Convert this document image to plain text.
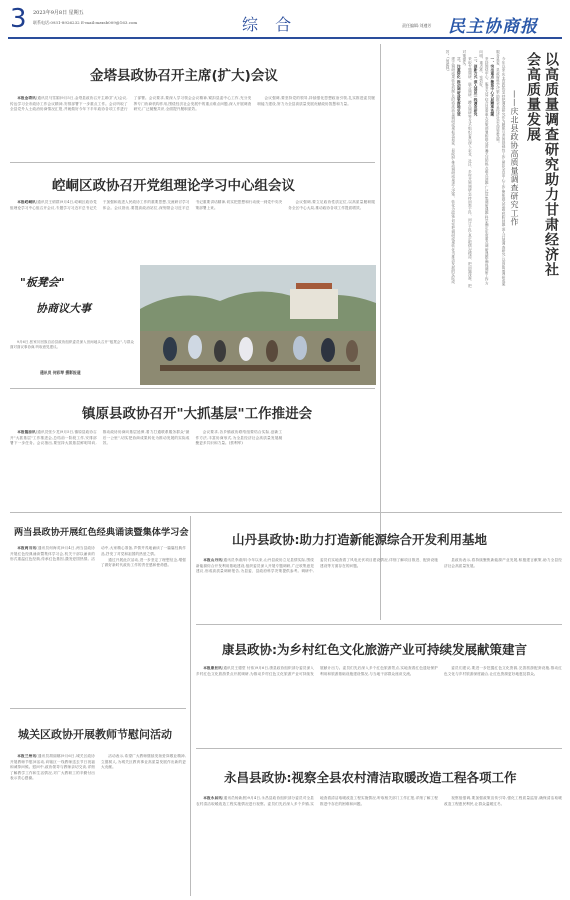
3 2023年9月8日 星期五
联系电话:0931-8926232 E-mail:mzxsb009@163.com	综 合	责任编辑:刘遵芳 民主协商报
金塔县政协召开主席(扩大)会议

本报金塔讯(通讯员马雪娟)9月5日,金塔县政协召开主席(扩大)会议,传达学习全市政协工作会议精神,安排部署下一步重点工作。会议听取了全县党外人士政治协商情况汇报,并就做好今年下半年政协各项工作进行了部署。会议要求,要深入学习领会会议精神,紧扣县委中心工作,充分发挥专门协商机构作用,围绕经济社会发展中的重点难点问题,深入开展调查研究,广泛凝聚共识,全面提升履职质效。

会议强调,要坚持党的领导,持续强化思想政治引领,扎实推进委员履职能力建设,努力为全县高质量发展贡献政协智慧和力量。

崆峒区政协召开党组理论学习中心组会议

本报崆峒讯(通讯员王炳群)9月4日,崆峒区政协党组理论学习中心组召开会议,专题学习习近平总书记关于加强和改进人民政协工作的重要思想,交流研讨学习体会。会议指出,要提高政治站位,深刻领会习近平总书记重要讲话精神,切实把思想和行动统一到党中央决策部署上来。

会议强调,要立足政协性质定位,以高质量履职服务全区中心大局,推动政协各项工作提质增效。

"板凳会"
协商议大事

9月6日,张家川回族自治县政协组织委员深入田间地头召开"板凳会",与群众面对面议事协商,听取意见建议。

通讯员 何彩琴 摄影报道
镇原县政协召开"大抓基层"工作推进会

本报镇原讯(通讯员张少龙)9月5日,镇原县政协召开"大抓基层"工作推进会,总结前一阶段工作,安排部署下一步任务。会议指出,要坚持大抓基层鲜明导向,推动政协协商向基层延伸,着力打通联系服务群众"最后一公里",切实把协商成果转化为推动发展的实际成效。

会议要求,各乡镇政协联络组要结合实际,创新工作方法,丰富协商形式,为全县经济社会高质量发展凝聚更多共识和力量。(蔡利军)

以高质量调查研究助力甘肃经济社会高质量发展
——庆北县政协高质量调查研究工作

今年以来,庆北县政协坚持把调查研究作为履职尽责的基础性工作,紧扣全县中心工作,聚焦群众急难愁盼问题,深入开展调查研究,以高质量调研成果服务县委、县政府科学决策,助推全县经济社会高质量发展。

一、突出重点 聚焦中心大局精准选题

坚持围绕中心、服务大局,结合县委重大决策部署和群众普遍关注的热点难点问题,广泛征集调研课题,科学确定年度重点调研课题,确保调研工作方向明、重点准、实效好。

二、创新方式 深入基层一线调查研究

采取专题调研、联合调研、蹲点调研等方式,组织委员深入企业、社区、乡村开展调研,坚持问需于民、问计于民,真正把情况摸清、把问题找准、把对策提实。

三、注重转化 推动调研成果落地见效

建立调研成果转化机制,及时将高质量调研成果报送县委、县政府,推动调研成果进入决策、转化为政策,切实把调研成果转化为推动发展的实际成效。(何建林)

两当县政协开展红色经典诵读暨集体学习会

本报两当讯(通讯员何海英)9月4日,两当县政协开展红色经典诵读暨集体学习会,机关干部以诵读的形式重温红色经典,传承红色基因,激发爱国热情。活动中,大家精心准备,声情并茂地诵读了一篇篇经典作品,抒发了对党和祖国的热爱之情。

通过开展此次活动,进一步坚定了理想信念,增强了做好新时代政协工作的责任感和使命感。

城关区政协开展教师节慰问活动

本报兰州讯(通讯员胡丽娜)9月6日,城关区政协开展教师节慰问活动,向辖区一线教师送去节日祝福和诚挚问候。慰问中,政协领导与教师亲切交谈,详细了解教学工作和生活情况,对广大教职工的辛勤付出表示衷心感谢。

活动表示,希望广大教师继续发扬爱岗敬业精神,立德树人,为城关区教育事业高质量发展作出新的更大贡献。

山丹县政协:助力打造新能源综合开发利用基地

本报山丹讯(通讯员李淑萍)今年以来,山丹县政协立足县情实际,围绕新能源综合开发利用基地建设,组织委员深入开展专题调研,广泛收集意见建议,形成高质量调研报告,为县委、县政府科学决策提供参考。调研中,委员们实地查看了风电光伏项目建设情况,详细了解项目推进、配套设施建设等方面存在的问题。

县政协表示,将持续聚焦新能源产业发展,积极建言献策,助力全县经济社会高质量发展。

康县政协:为乡村红色文化旅游产业可持续发展献策建言

本报康县讯(通讯员王德堂 付伟)9月6日,康县政协组织部分委员深入乡村红色文化旅游景点开展调研,为推动乡村红色文化旅游产业可持续发展献计出力。委员们先后深入多个红色旅游景点,实地查看红色遗址保护利用和旅游基础设施建设情况,与当地干部群众座谈交流。

委员们建议,要进一步挖掘红色文化资源,完善旅游配套设施,推动红色文化与乡村旅游深度融合,让红色资源更好地惠及群众。

永昌县政协:视察全县农村清洁取暖改造工程各项工作

本报永昌讯(通讯员杨新晨)9月4日,永昌县政协组织部分委员对全县农村清洁取暖改造工程实施情况进行视察。委员们先后深入多个乡镇,实地查看清洁取暖改造工程实施情况,听取相关部门工作汇报,详细了解工程推进中存在的困难和问题。

视察组强调,要加强政策宣传引导,强化工程质量监管,确保清洁取暖改造工程惠民利民,让群众温暖过冬。
